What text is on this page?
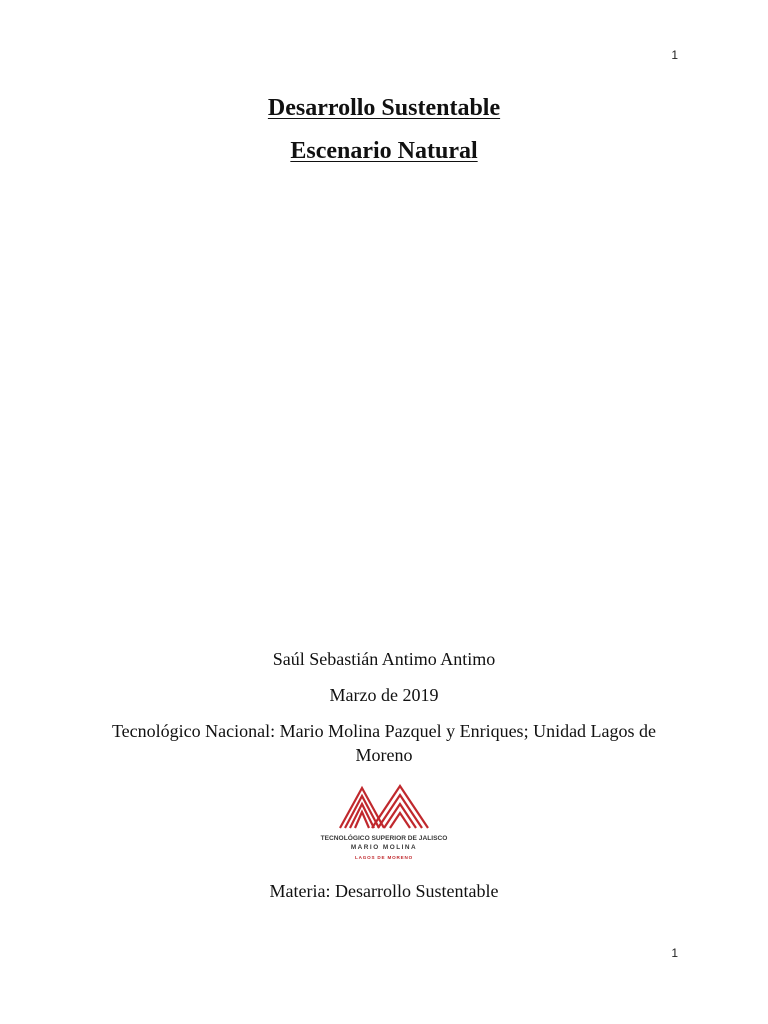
1
Desarrollo Sustentable
Escenario Natural

Saúl Sebastián Antimo Antimo

Marzo de 2019

Tecnológico Nacional: Mario Molina Pazquel y Enriques; Unidad Lagos de Moreno

TECNOLÓGICO SUPERIOR DE JALISCO
MARIO MOLINA
LAGOS DE MORENO

Materia: Desarrollo Sustentable

1
